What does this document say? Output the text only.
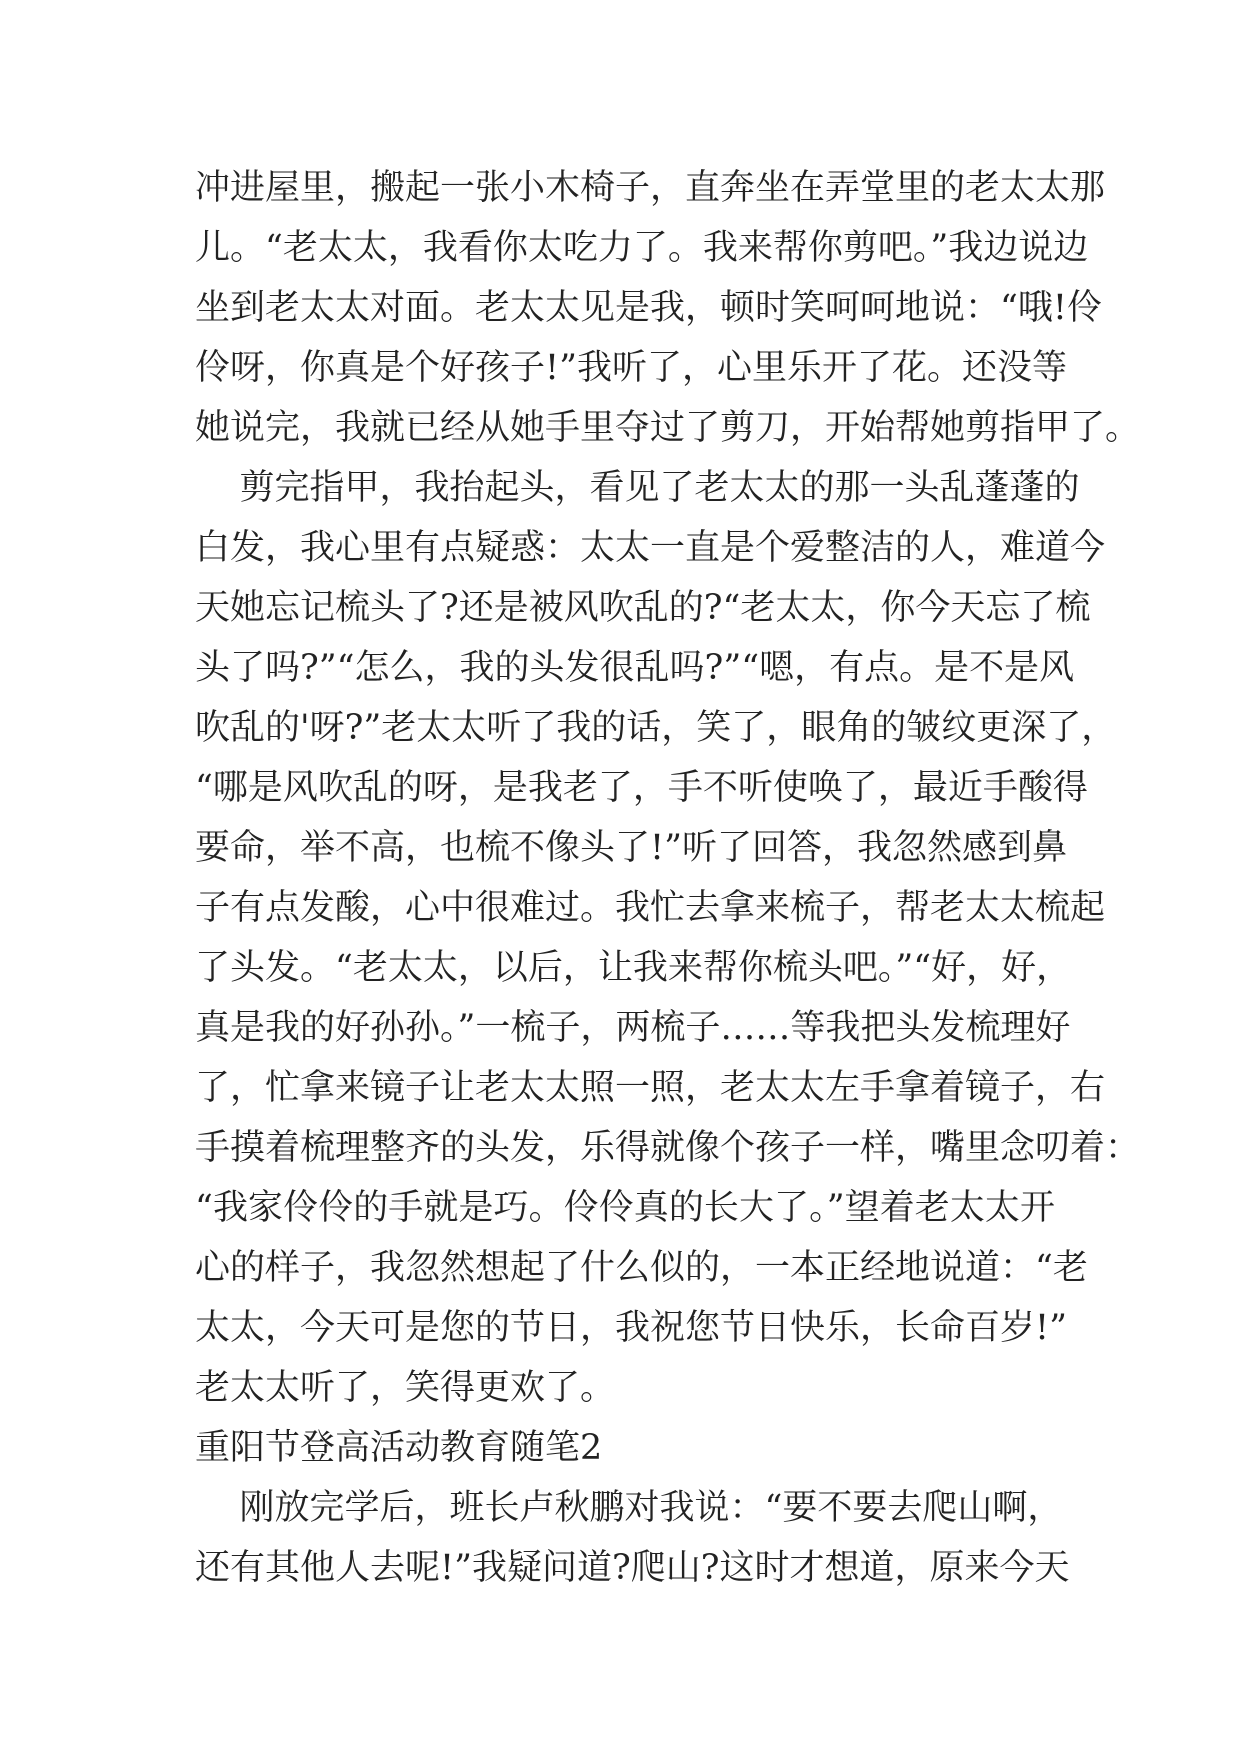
冲进屋里，搬起一张小木椅子，直奔坐在弄堂里的老太太那
儿。“老太太，我看你太吃力了。我来帮你剪吧。”我边说边
坐到老太太对面。老太太见是我，顿时笑呵呵地说：“哦!伶
伶呀，你真是个好孩子!”我听了，心里乐开了花。还没等
她说完，我就已经从她手里夺过了剪刀，开始帮她剪指甲了。
剪完指甲，我抬起头，看见了老太太的那一头乱蓬蓬的
白发，我心里有点疑惑：太太一直是个爱整洁的人，难道今
天她忘记梳头了?还是被风吹乱的?“老太太，你今天忘了梳
头了吗?”“怎么，我的头发很乱吗?”“嗯，有点。是不是风
吹乱的'呀?”老太太听了我的话，笑了，眼角的皱纹更深了，
“哪是风吹乱的呀，是我老了，手不听使唤了，最近手酸得
要命，举不高，也梳不像头了!”听了回答，我忽然感到鼻
子有点发酸，心中很难过。我忙去拿来梳子，帮老太太梳起
了头发。“老太太，以后，让我来帮你梳头吧。”“好，好，
真是我的好孙孙。”一梳子，两梳子……等我把头发梳理好
了，忙拿来镜子让老太太照一照，老太太左手拿着镜子，右
手摸着梳理整齐的头发，乐得就像个孩子一样，嘴里念叨着：
“我家伶伶的手就是巧。伶伶真的长大了。”望着老太太开
心的样子，我忽然想起了什么似的，一本正经地说道：“老
太太，今天可是您的节日，我祝您节日快乐，长命百岁!”
老太太听了，笑得更欢了。
重阳节登高活动教育随笔2
刚放完学后，班长卢秋鹏对我说：“要不要去爬山啊，
还有其他人去呢!”我疑问道?爬山?这时才想道，原来今天
